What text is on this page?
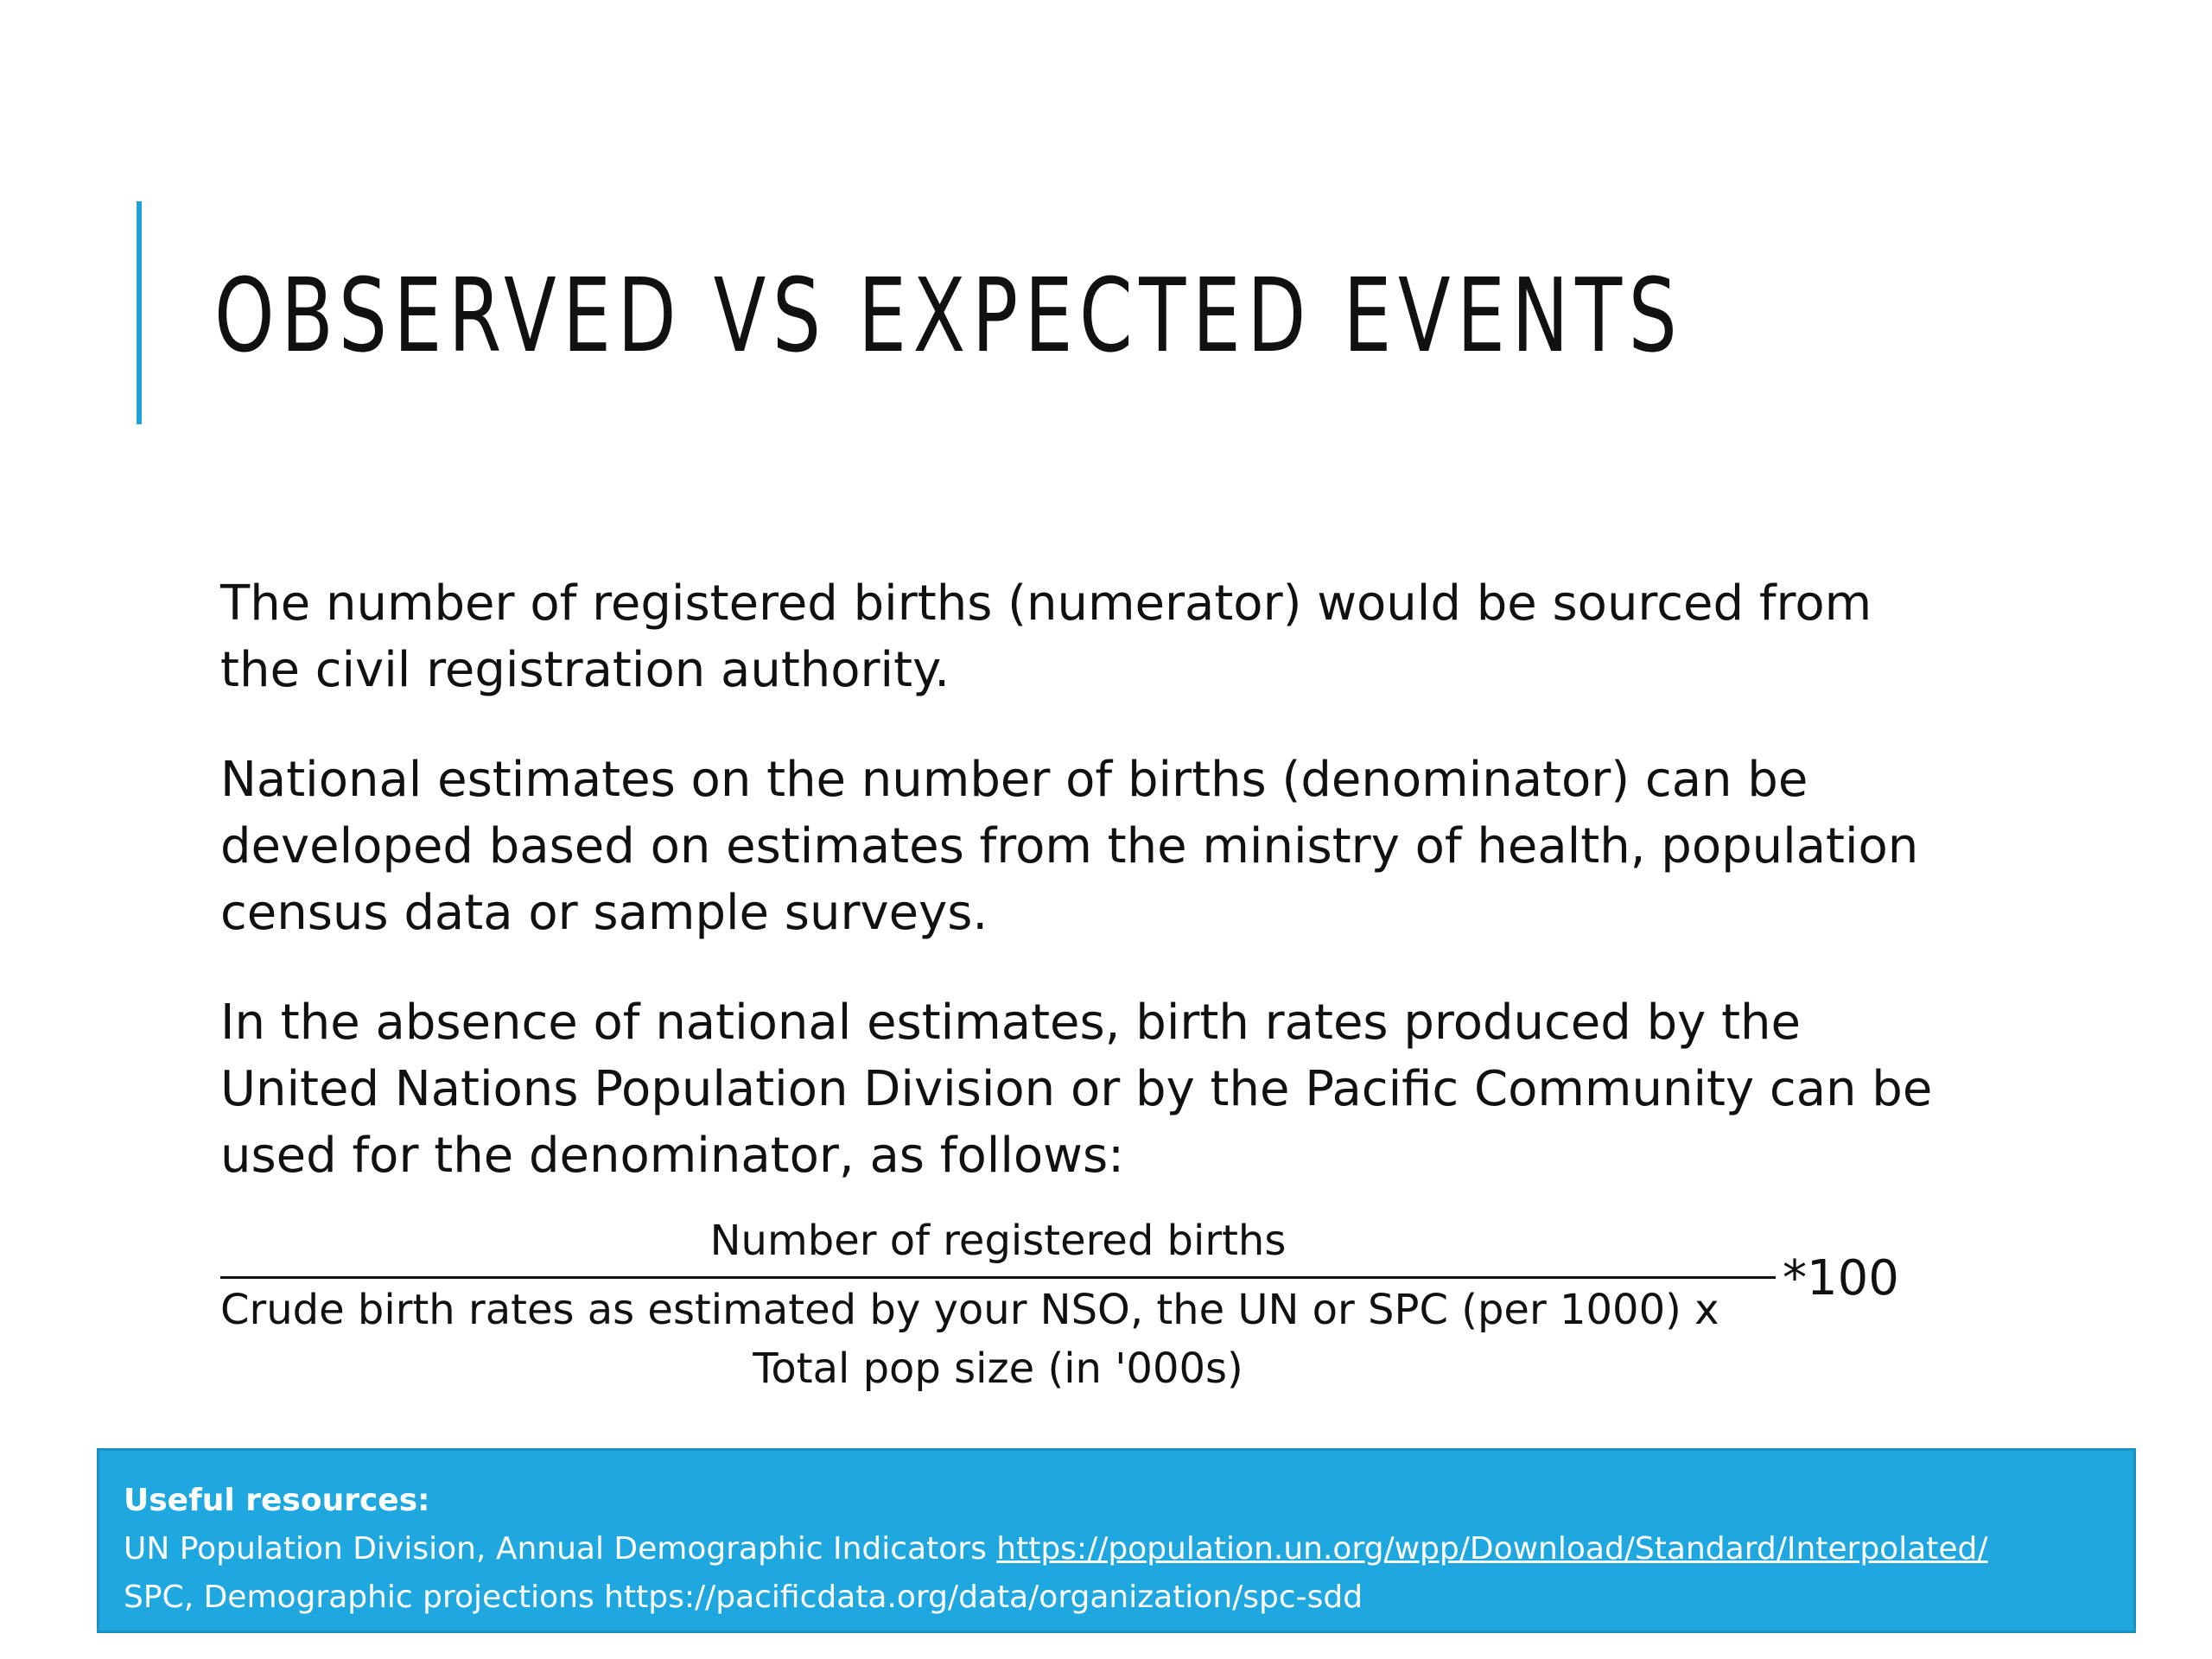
OBSERVED VS EXPECTED EVENTS

The number of registered births (numerator) would be sourced from the civil registration authority.

National estimates on the number of births (denominator) can be developed based on estimates from the ministry of health, population census data or sample surveys.

In the absence of national estimates, birth rates produced by the United Nations Population Division or by the Pacific Community can be used for the denominator, as follows:

Number of registered births
Crude birth rates as estimated by your NSO, the UN or SPC (per 1000) x
Total pop size (in '000s)
*100
Useful resources:
UN Population Division, Annual Demographic Indicators https://population.un.org/wpp/Download/Standard/Interpolated/
SPC, Demographic projections https://pacificdata.org/data/organization/spc-sdd
